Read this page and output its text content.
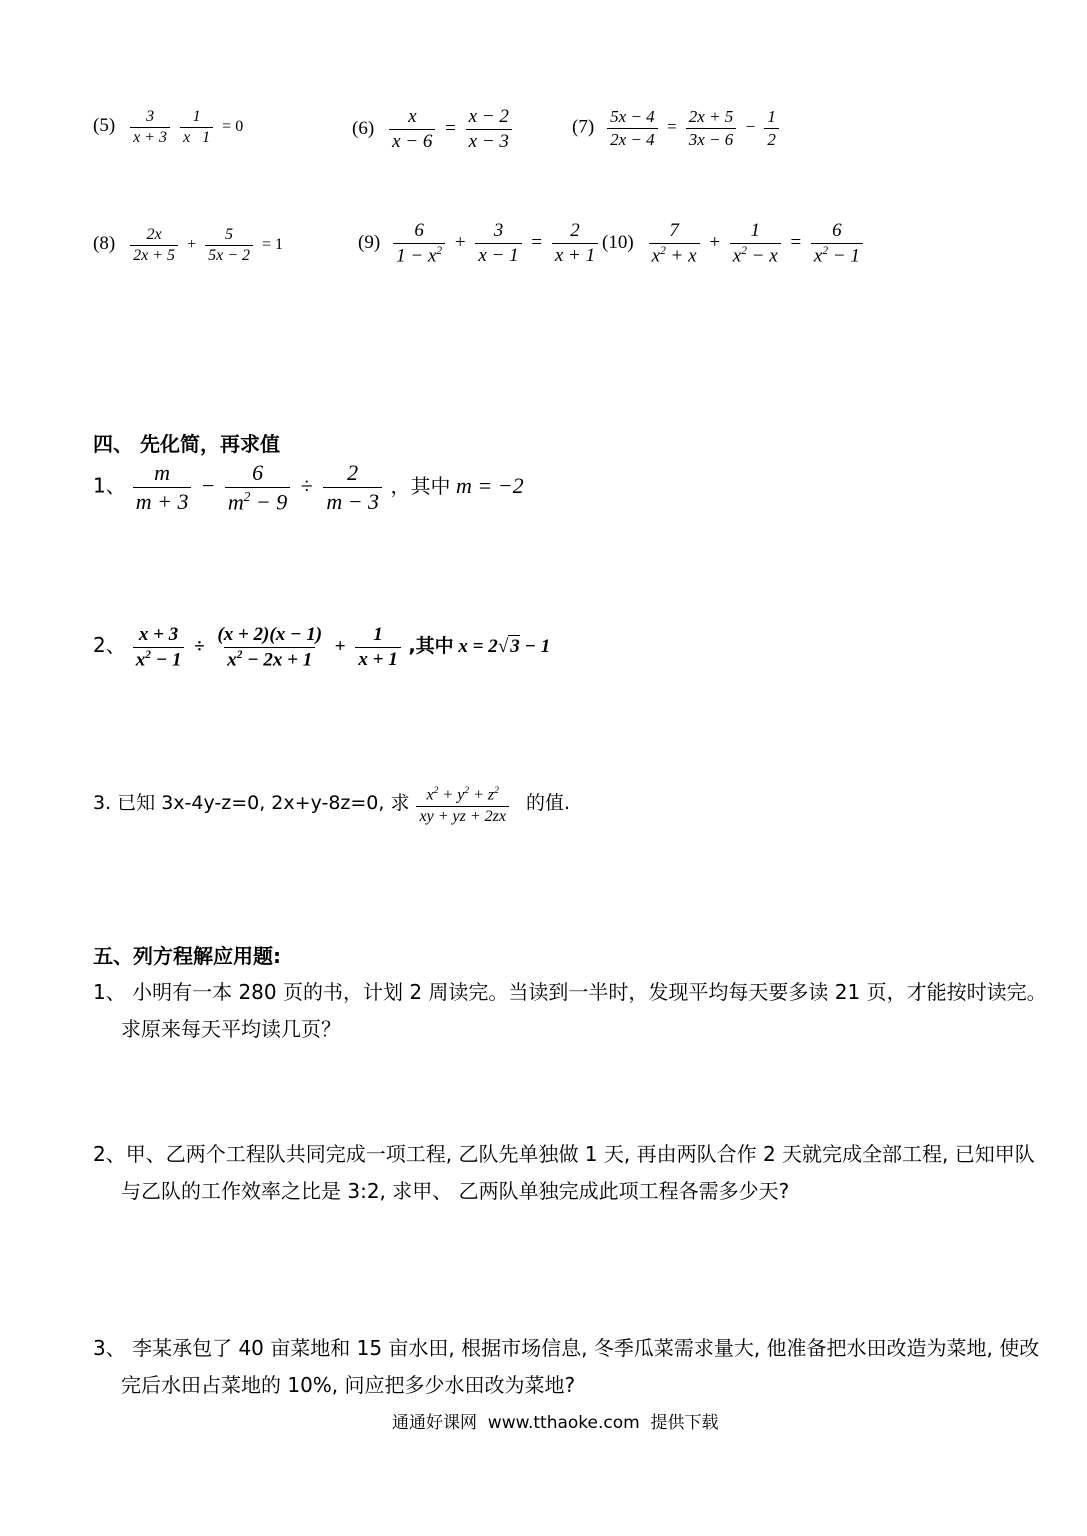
$(5) \frac{3}{x + 3}$
$\frac{1}{x 1} = 0$	$(6) \frac{x}{x - 6} = \frac{x - 2}{x - 3}$	$(7) \frac{5x - 4}{2x - 4} = \frac{2x + 5}{3x - 6} - \frac{1}{2}$
$(8) \frac{2x}{2x + 5} + \frac{5}{5x - 2} = 1$	$(9) \frac{6}{1 - x^2} + \frac{3}{x - 1} = \frac{2}{x + 1} (10) \frac{7}{x^2 + x} + \frac{1}{x^2 - x} = \frac{6}{x^2 - 1}$
四、 先化简，再求值
1、 $\frac{m}{m + 3} - \frac{6}{m^2 - 9} \div \frac{2}{m - 3}$ ，其中 m = −2
2、 $\frac{x + 3}{x^2 - 1} \div \frac{(x + 2)(x - 1)}{x^2 - 2x + 1} + \frac{1}{x + 1}$ ,其中 x = 2√ 3 − 1
3. 已知 3x-4y-z=0, 2x+y-8z=0, 求 $\frac{x^2 + y^2 + z^2}{xy + yz + 2zx}$ 的值.
五、列方程解应用题:
1、 小明有一本 280 页的书，计划 2 周读完。当读到一半时，发现平均每天要多读 21 页，才能按时读完。求原来每天平均读几页？
2、甲、乙两个工程队共同完成一项工程, 乙队先单独做 1 天, 再由两队合作 2 天就完成全部工程, 已知甲队与乙队的工作效率之比是 3:2, 求甲、 乙两队单独完成此项工程各需多少天?
3、 李某承包了 40 亩菜地和 15 亩水田, 根据市场信息, 冬季瓜菜需求量大, 他准备把水田改造为菜地, 使改完后水田占菜地的 10%, 问应把多少水田改为菜地?
通通好课网  www.tthaoke.com  提供下载
